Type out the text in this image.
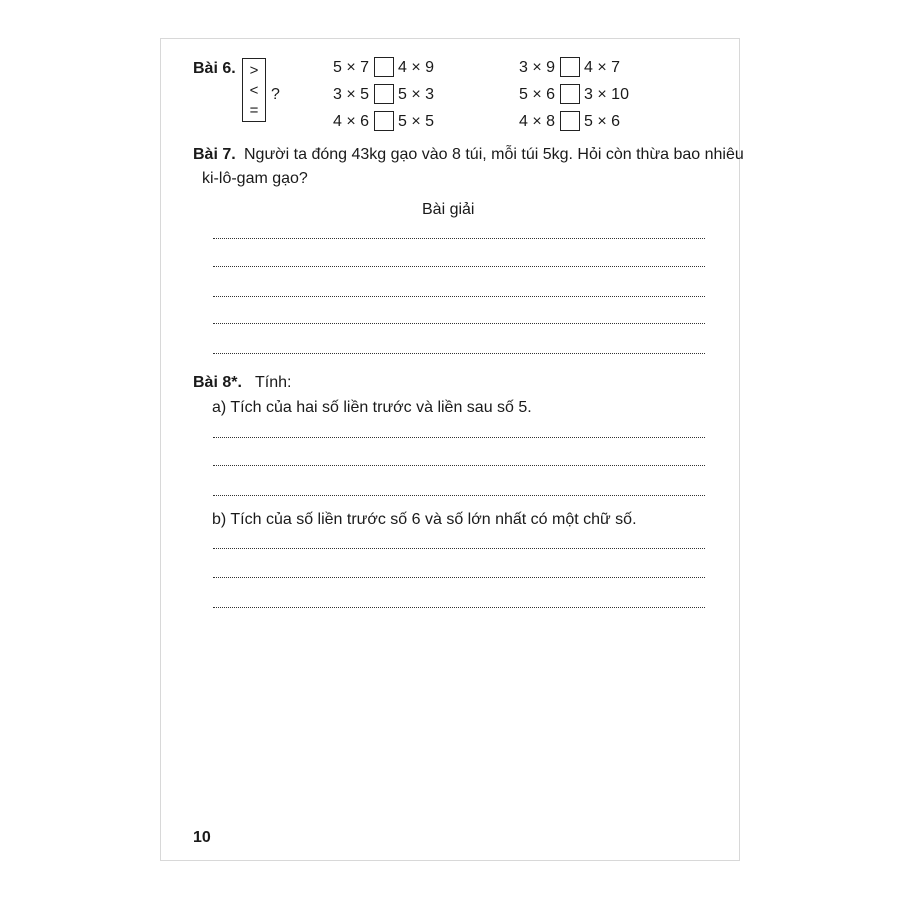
Bài 6. >
<
=
?
5 × 7 4 × 9
3 × 5 5 × 3
4 × 6 5 × 5
3 × 9 4 × 7
5 × 6 3 × 10
4 × 8 5 × 6
Bài 7. Người ta đóng 43kg gạo vào 8 túi, mỗi túi 5kg. Hỏi còn thừa bao nhiêu
ki-lô-gam gạo?
Bài giải
Bài 8*. Tính:
a) Tích của hai số liền trước và liền sau số 5.
b) Tích của số liền trước số 6 và số lớn nhất có một chữ số.
10
